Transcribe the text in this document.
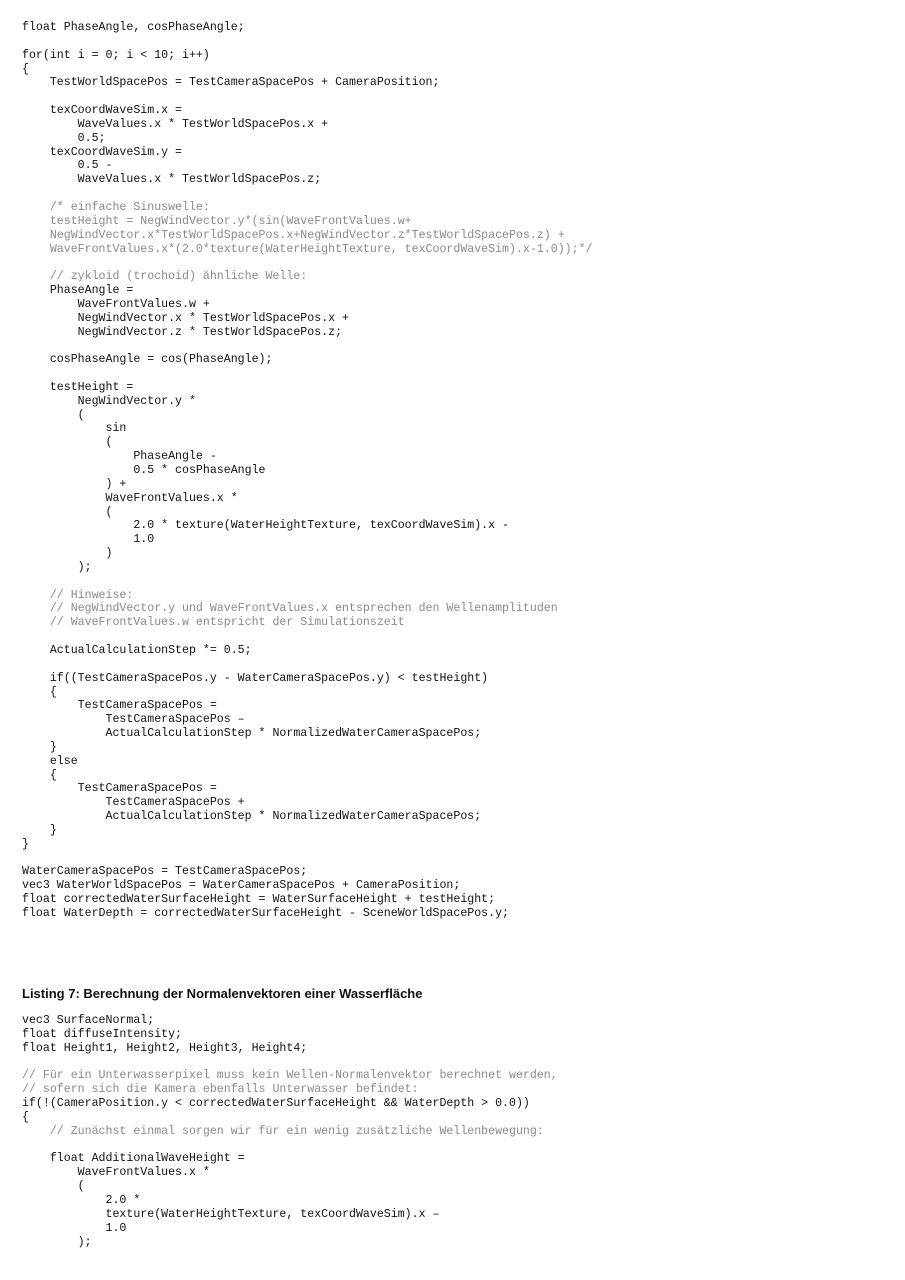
float PhaseAngle, cosPhaseAngle;
for(int i = 0; i < 10; i++)
{
TestWorldSpacePos = TestCameraSpacePos + CameraPosition;
texCoordWaveSim.x =
WaveValues.x * TestWorldSpacePos.x +
0.5;
texCoordWaveSim.y =
0.5 -
WaveValues.x * TestWorldSpacePos.z;
/* einfache Sinuswelle:
testHeight = NegWindVector.y*(sin(WaveFrontValues.w+
NegWindVector.x*TestWorldSpacePos.x+NegWindVector.z*TestWorldSpacePos.z) +
WaveFrontValues.x*(2.0*texture(WaterHeightTexture, texCoordWaveSim).x-1.0));*/
// zykloid (trochoid) ähnliche Welle:
PhaseAngle =
WaveFrontValues.w +
NegWindVector.x * TestWorldSpacePos.x +
NegWindVector.z * TestWorldSpacePos.z;
cosPhaseAngle = cos(PhaseAngle);
testHeight =
NegWindVector.y *
(
sin
(
PhaseAngle -
0.5 * cosPhaseAngle
) +
WaveFrontValues.x *
(
2.0 * texture(WaterHeightTexture, texCoordWaveSim).x -
1.0
)
);
// Hinweise:
// NegWindVector.y und WaveFrontValues.x entsprechen den Wellenamplituden
// WaveFrontValues.w entspricht der Simulationszeit
ActualCalculationStep *= 0.5;
if((TestCameraSpacePos.y - WaterCameraSpacePos.y) < testHeight)
{
TestCameraSpacePos =
TestCameraSpacePos –
ActualCalculationStep * NormalizedWaterCameraSpacePos;
}
else
{
TestCameraSpacePos =
TestCameraSpacePos +
ActualCalculationStep * NormalizedWaterCameraSpacePos;
}
}
WaterCameraSpacePos = TestCameraSpacePos;
vec3 WaterWorldSpacePos = WaterCameraSpacePos + CameraPosition;
float correctedWaterSurfaceHeight = WaterSurfaceHeight + testHeight;
float WaterDepth = correctedWaterSurfaceHeight - SceneWorldSpacePos.y;
Listing 7: Berechnung der Normalenvektoren einer Wasserfläche
vec3 SurfaceNormal;
float diffuseIntensity;
float Height1, Height2, Height3, Height4;
// Für ein Unterwasserpixel muss kein Wellen-Normalenvektor berechnet werden,
// sofern sich die Kamera ebenfalls Unterwasser befindet:
if(!(CameraPosition.y < correctedWaterSurfaceHeight && WaterDepth > 0.0))
{
// Zunächst einmal sorgen wir für ein wenig zusätzliche Wellenbewegung:
float AdditionalWaveHeight =
WaveFrontValues.x *
(
2.0 *
texture(WaterHeightTexture, texCoordWaveSim).x –
1.0
);
